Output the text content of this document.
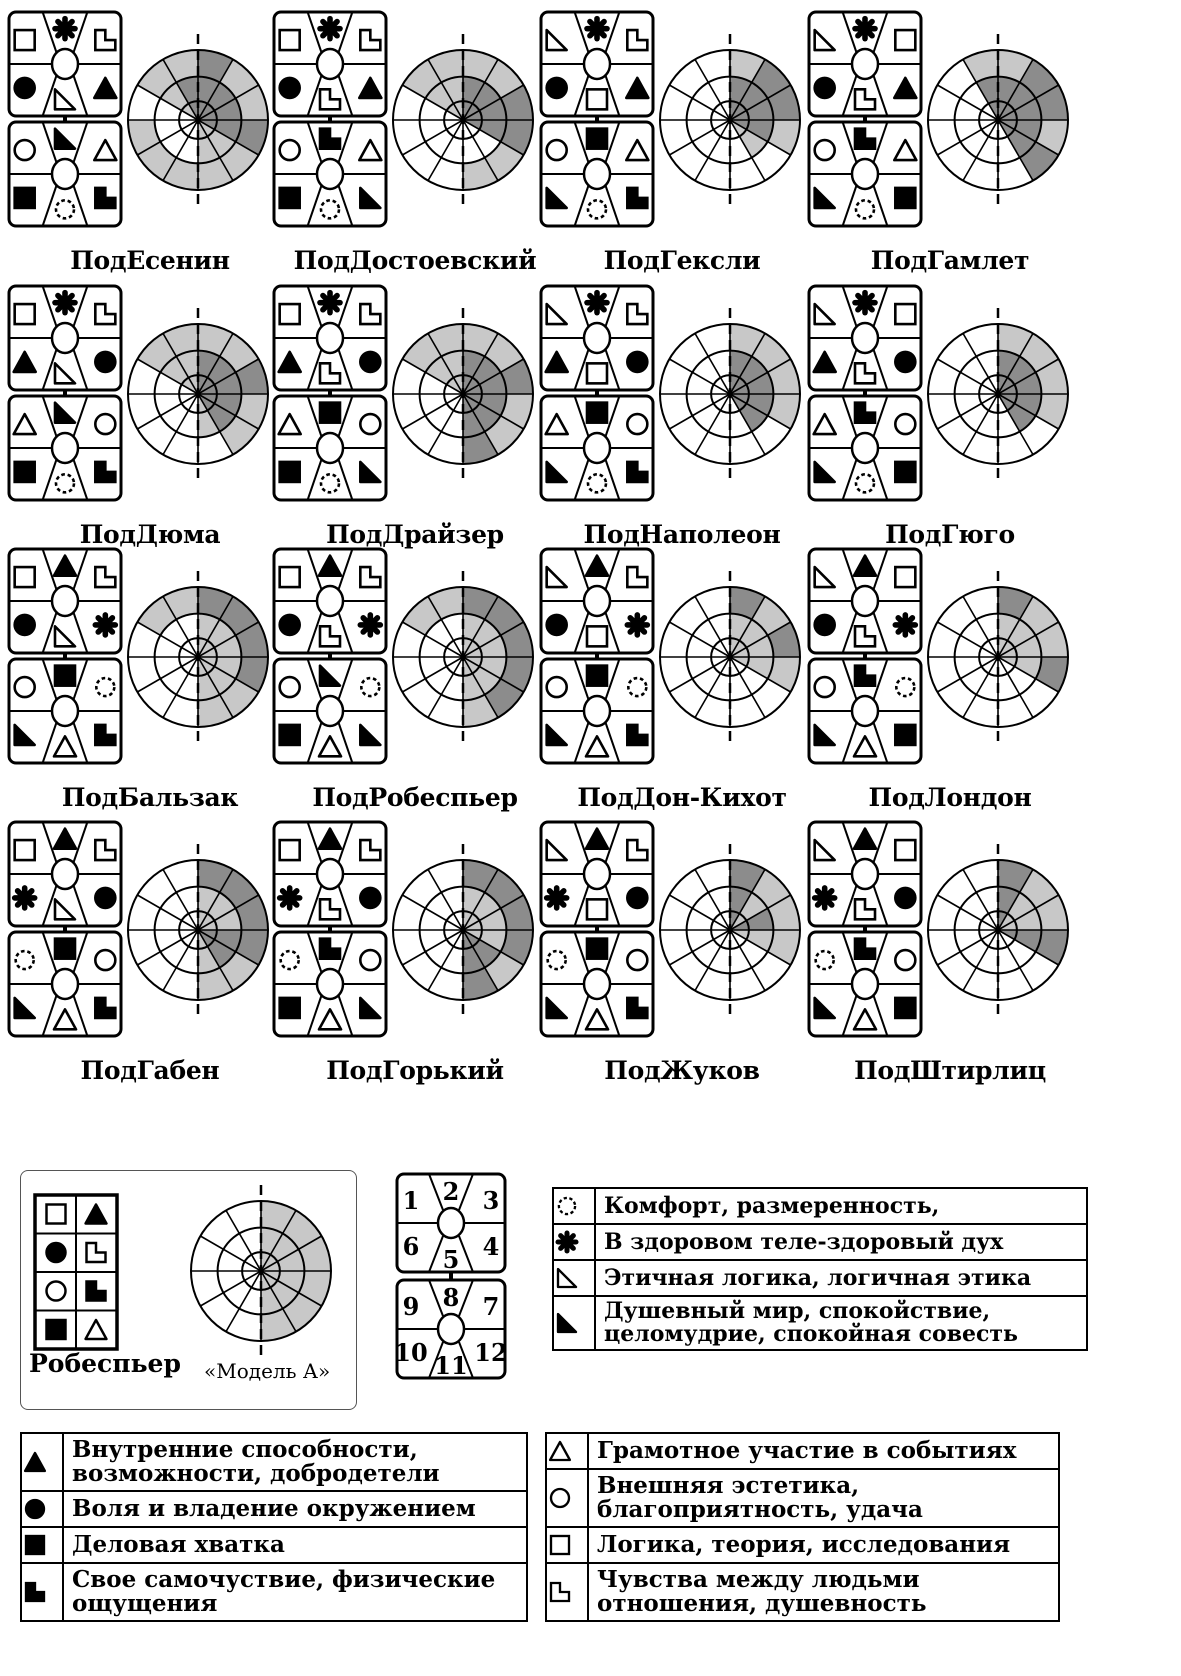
ПодЕсенин	ПодДостоевский	ПодГексли	ПодГамлет
ПодДюма	ПодДрайзер	ПодНаполеон	ПодГюго
ПодБальзак	ПодРобеспьер	ПодДон-Кихот	ПодЛондон
ПодГабен	ПодГорький	ПодЖуков	ПодШтирлиц
Робеспьер «Модель А»
1 2 3
6 5 4
9 8 7
10 11 12
	Комфорт, размеренность,

	В здоровом теле-здоровый дух

	Этичная логика, логичная этика

	Душевный мир, спокойствие, целомудрие, спокойная совесть
	Внутренние способности, возможности, добродетели

	Воля и владение окружением

	Деловая хватка

	Свое самочуствие, физические ощущения
	Грамотное участие в событиях

	Внешняя эстетика, благоприятность, удача

	Логика, теория, исследования

	Чувства между людьми отношения, душевность
